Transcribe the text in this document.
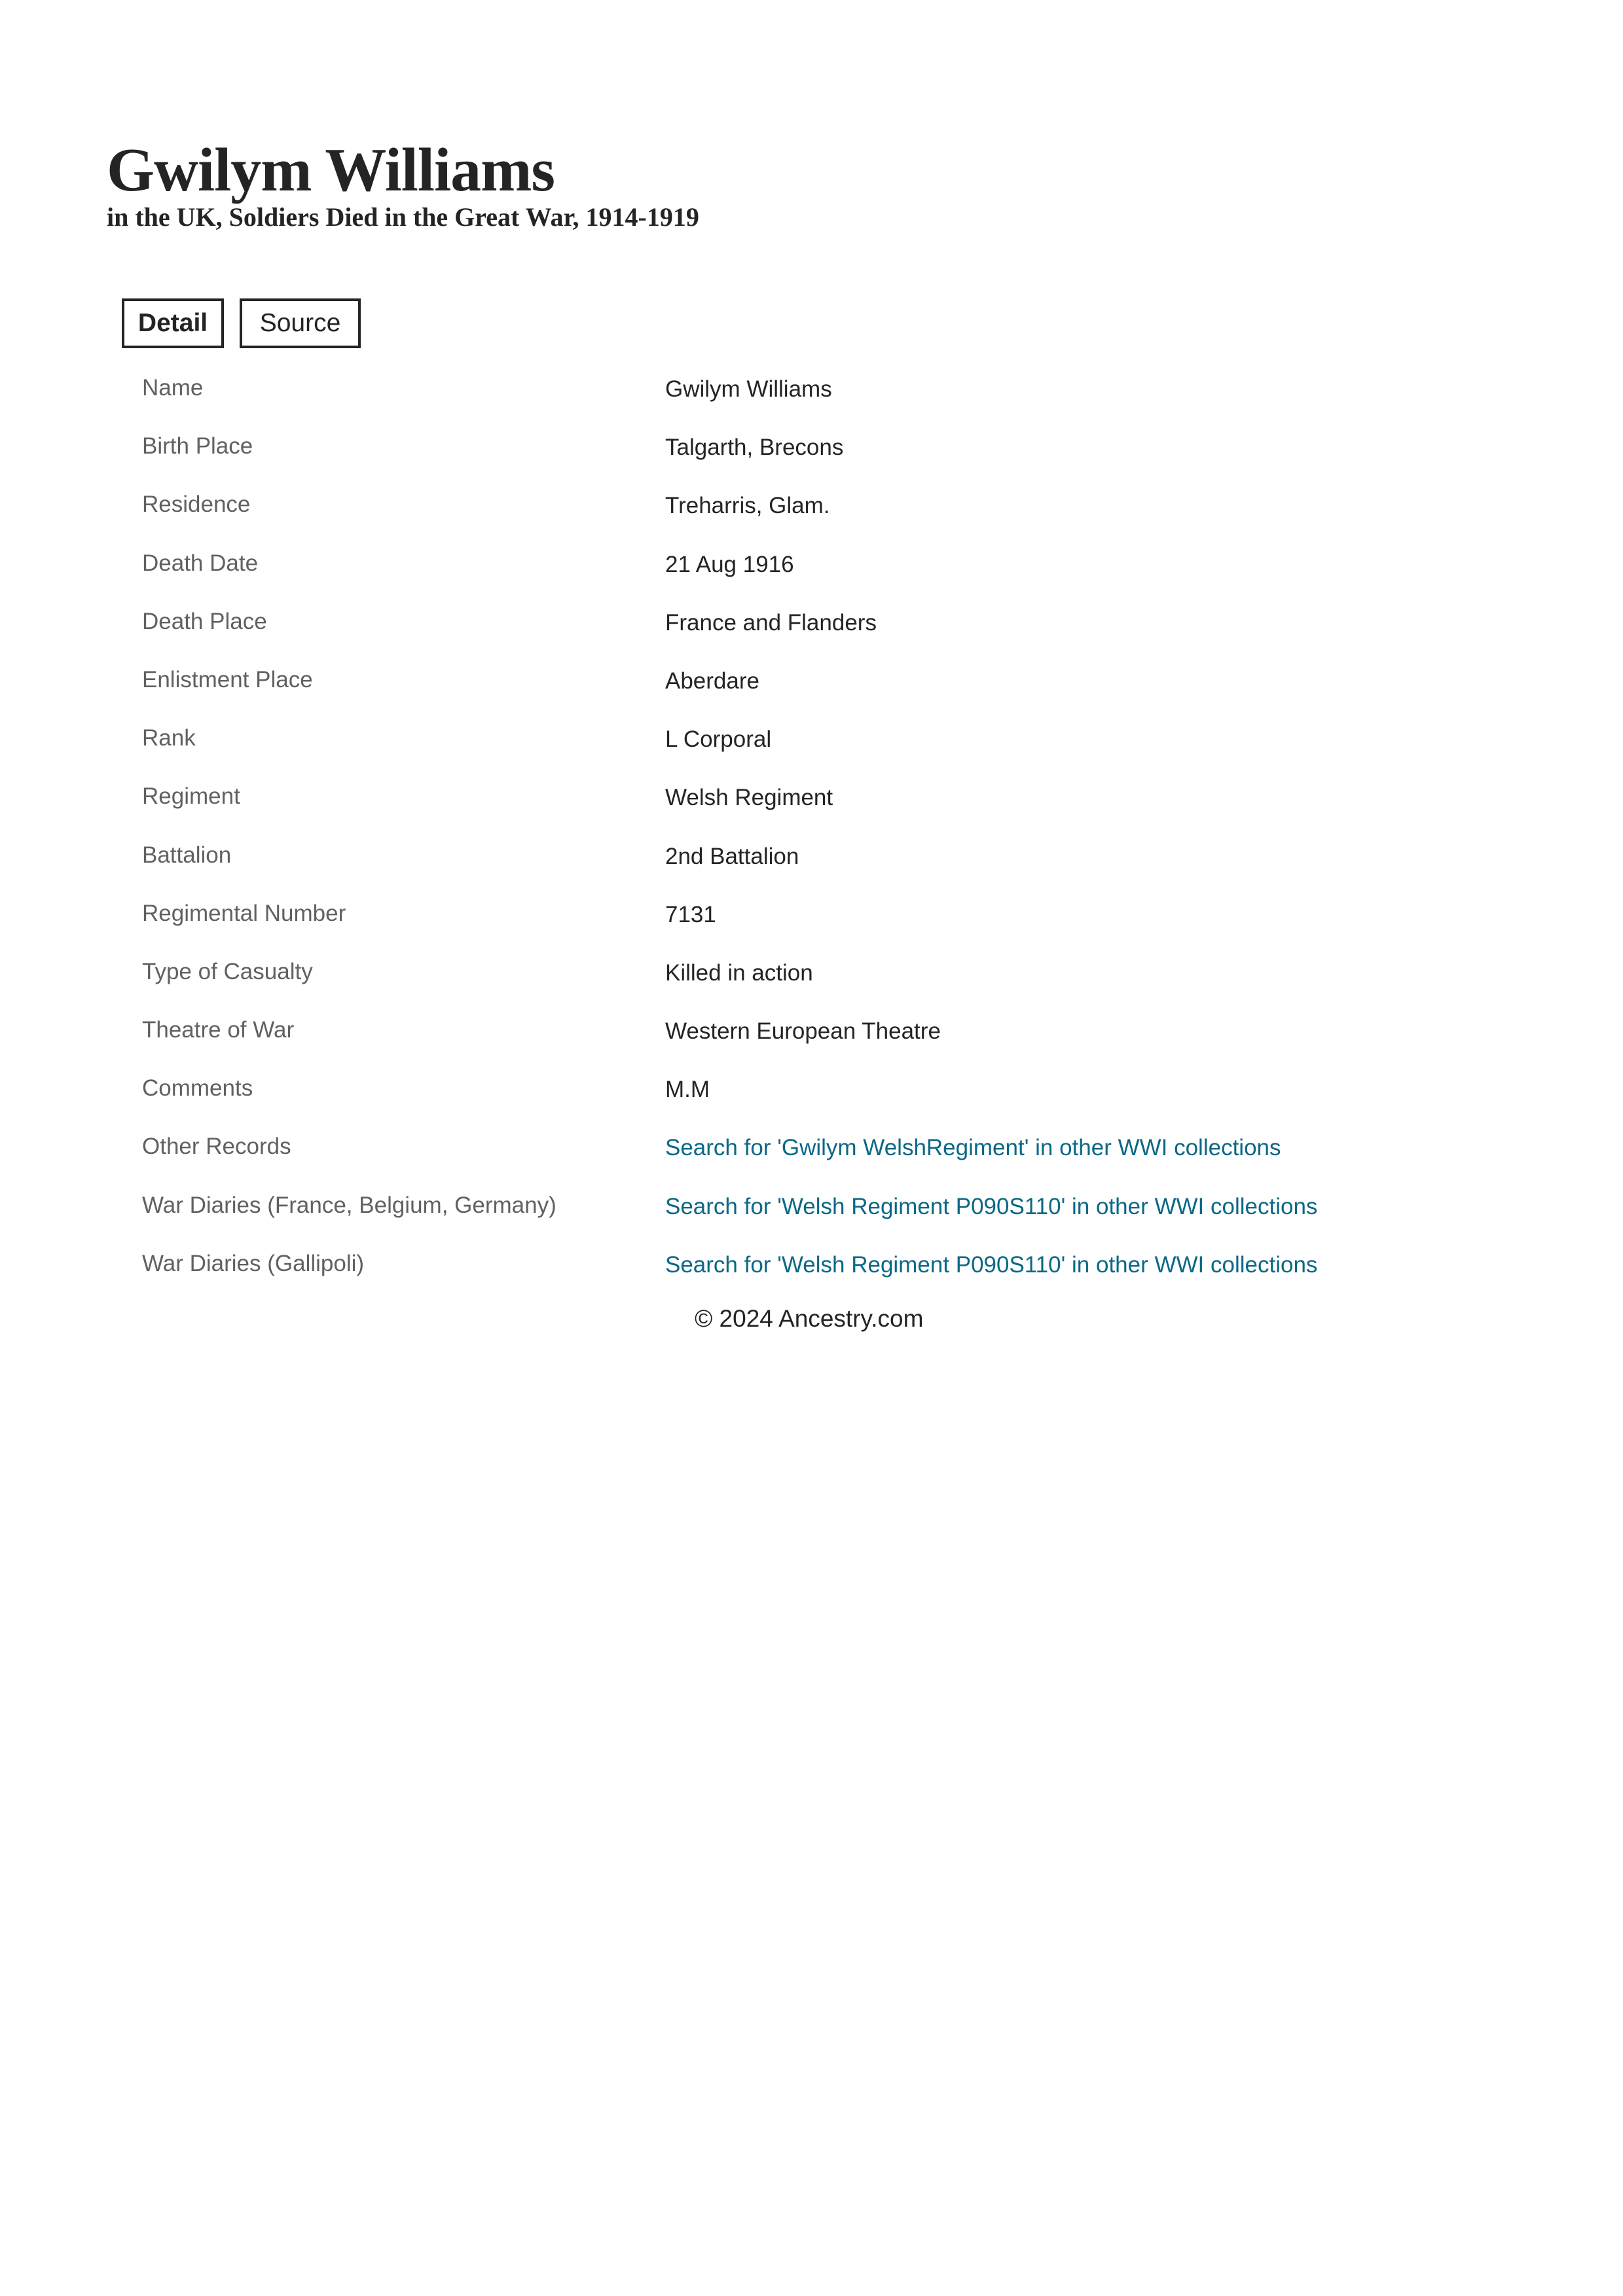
Gwilym Williams
in the UK, Soldiers Died in the Great War, 1914-1919
Detail	Source
Name	Gwilym Williams
Birth Place	Talgarth, Brecons
Residence	Treharris, Glam.
Death Date	21 Aug 1916
Death Place	France and Flanders
Enlistment Place	Aberdare
Rank	L Corporal
Regiment	Welsh Regiment
Battalion	2nd Battalion
Regimental Number	7131
Type of Casualty	Killed in action
Theatre of War	Western European Theatre
Comments	M.M
Other Records	Search for 'Gwilym WelshRegiment' in other WWI collections
War Diaries (France, Belgium, Germany)	Search for 'Welsh Regiment P090S110' in other WWI collections
War Diaries (Gallipoli)	Search for 'Welsh Regiment P090S110' in other WWI collections
© 2024 Ancestry.com
